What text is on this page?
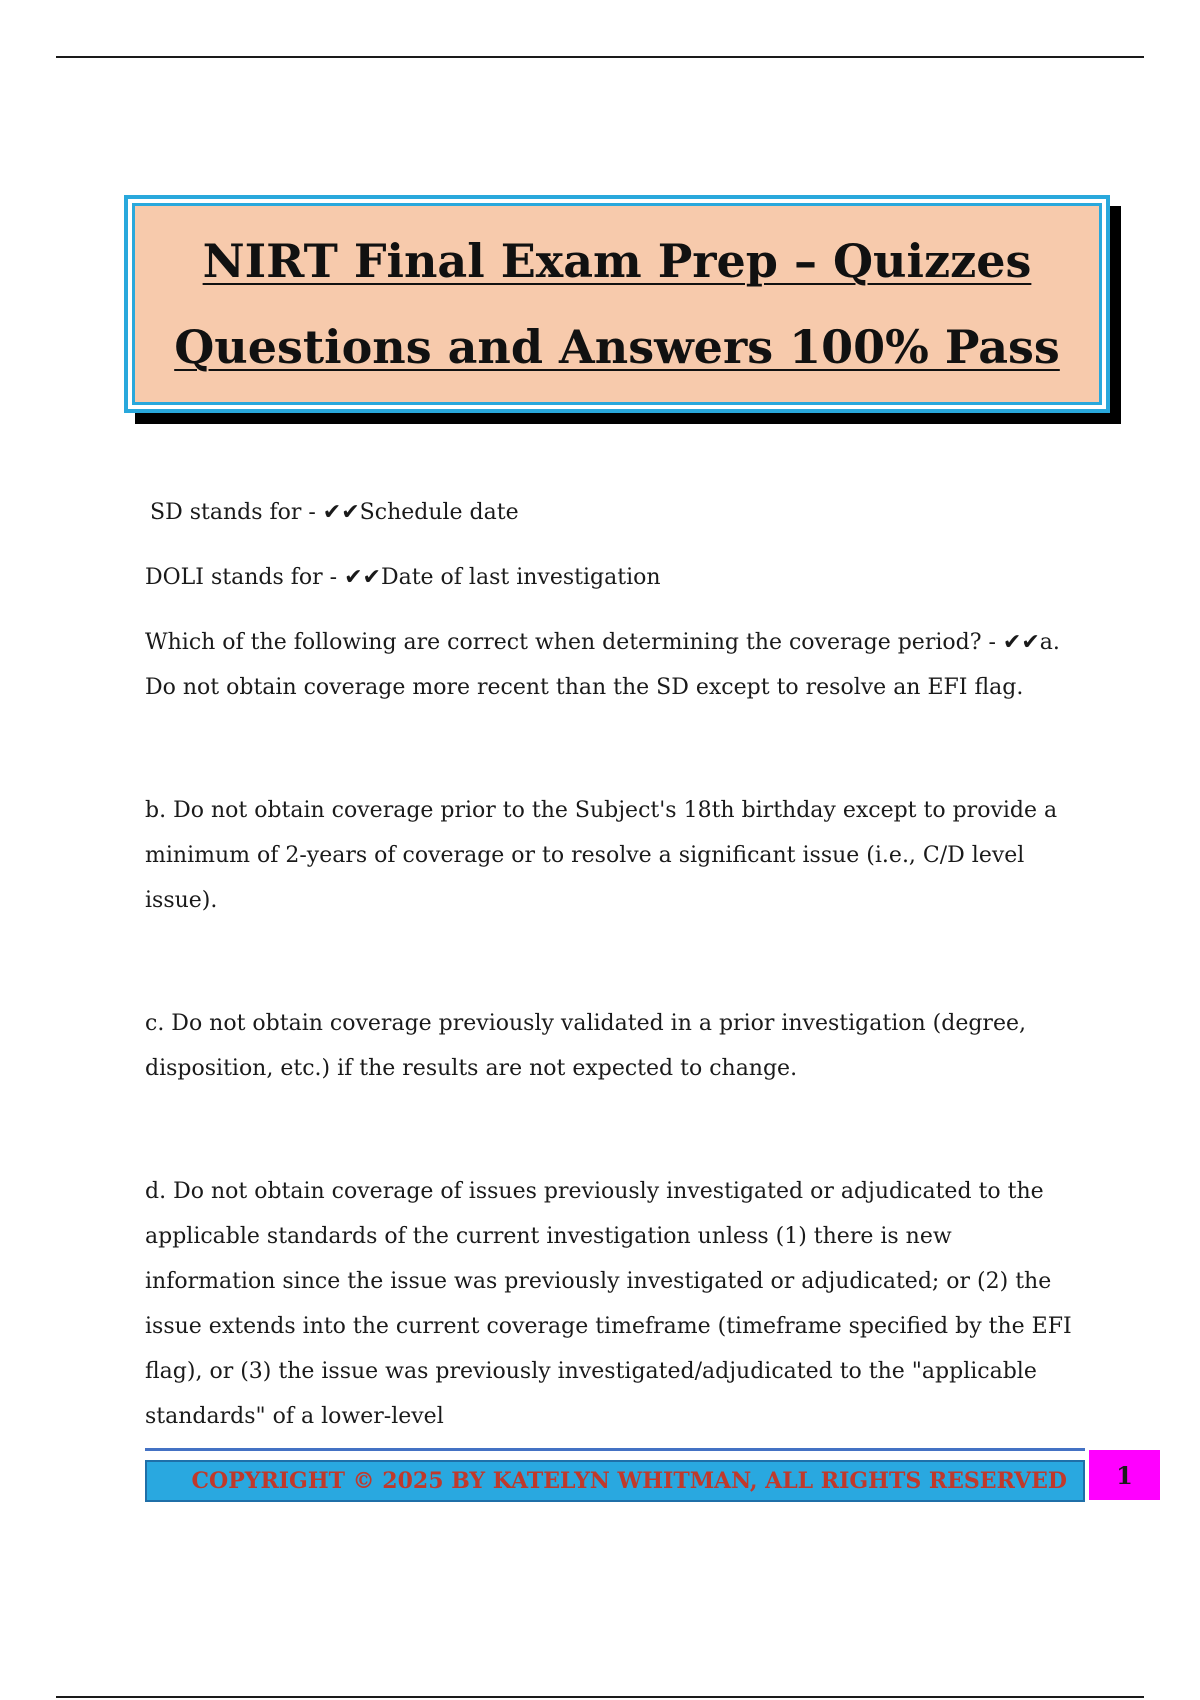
NIRT Final Exam Prep – Quizzes
Questions and Answers 100% Pass

SD stands for - ✔✔Schedule date

DOLI stands for - ✔✔Date of last investigation

Which of the following are correct when determining the coverage period? - ✔✔a. Do not obtain coverage more recent than the SD except to resolve an EFI flag.

b. Do not obtain coverage prior to the Subject's 18th birthday except to provide a minimum of 2-years of coverage or to resolve a significant issue (i.e., C/D level issue).

c. Do not obtain coverage previously validated in a prior investigation (degree, disposition, etc.) if the results are not expected to change.

d. Do not obtain coverage of issues previously investigated or adjudicated to the applicable standards of the current investigation unless (1) there is new information since the issue was previously investigated or adjudicated; or (2) the issue extends into the current coverage timeframe (timeframe specified by the EFI flag), or (3) the issue was previously investigated/adjudicated to the "applicable standards" of a lower-level

COPYRIGHT © 2025 BY KATELYN WHITMAN, ALL RIGHTS RESERVED 1
